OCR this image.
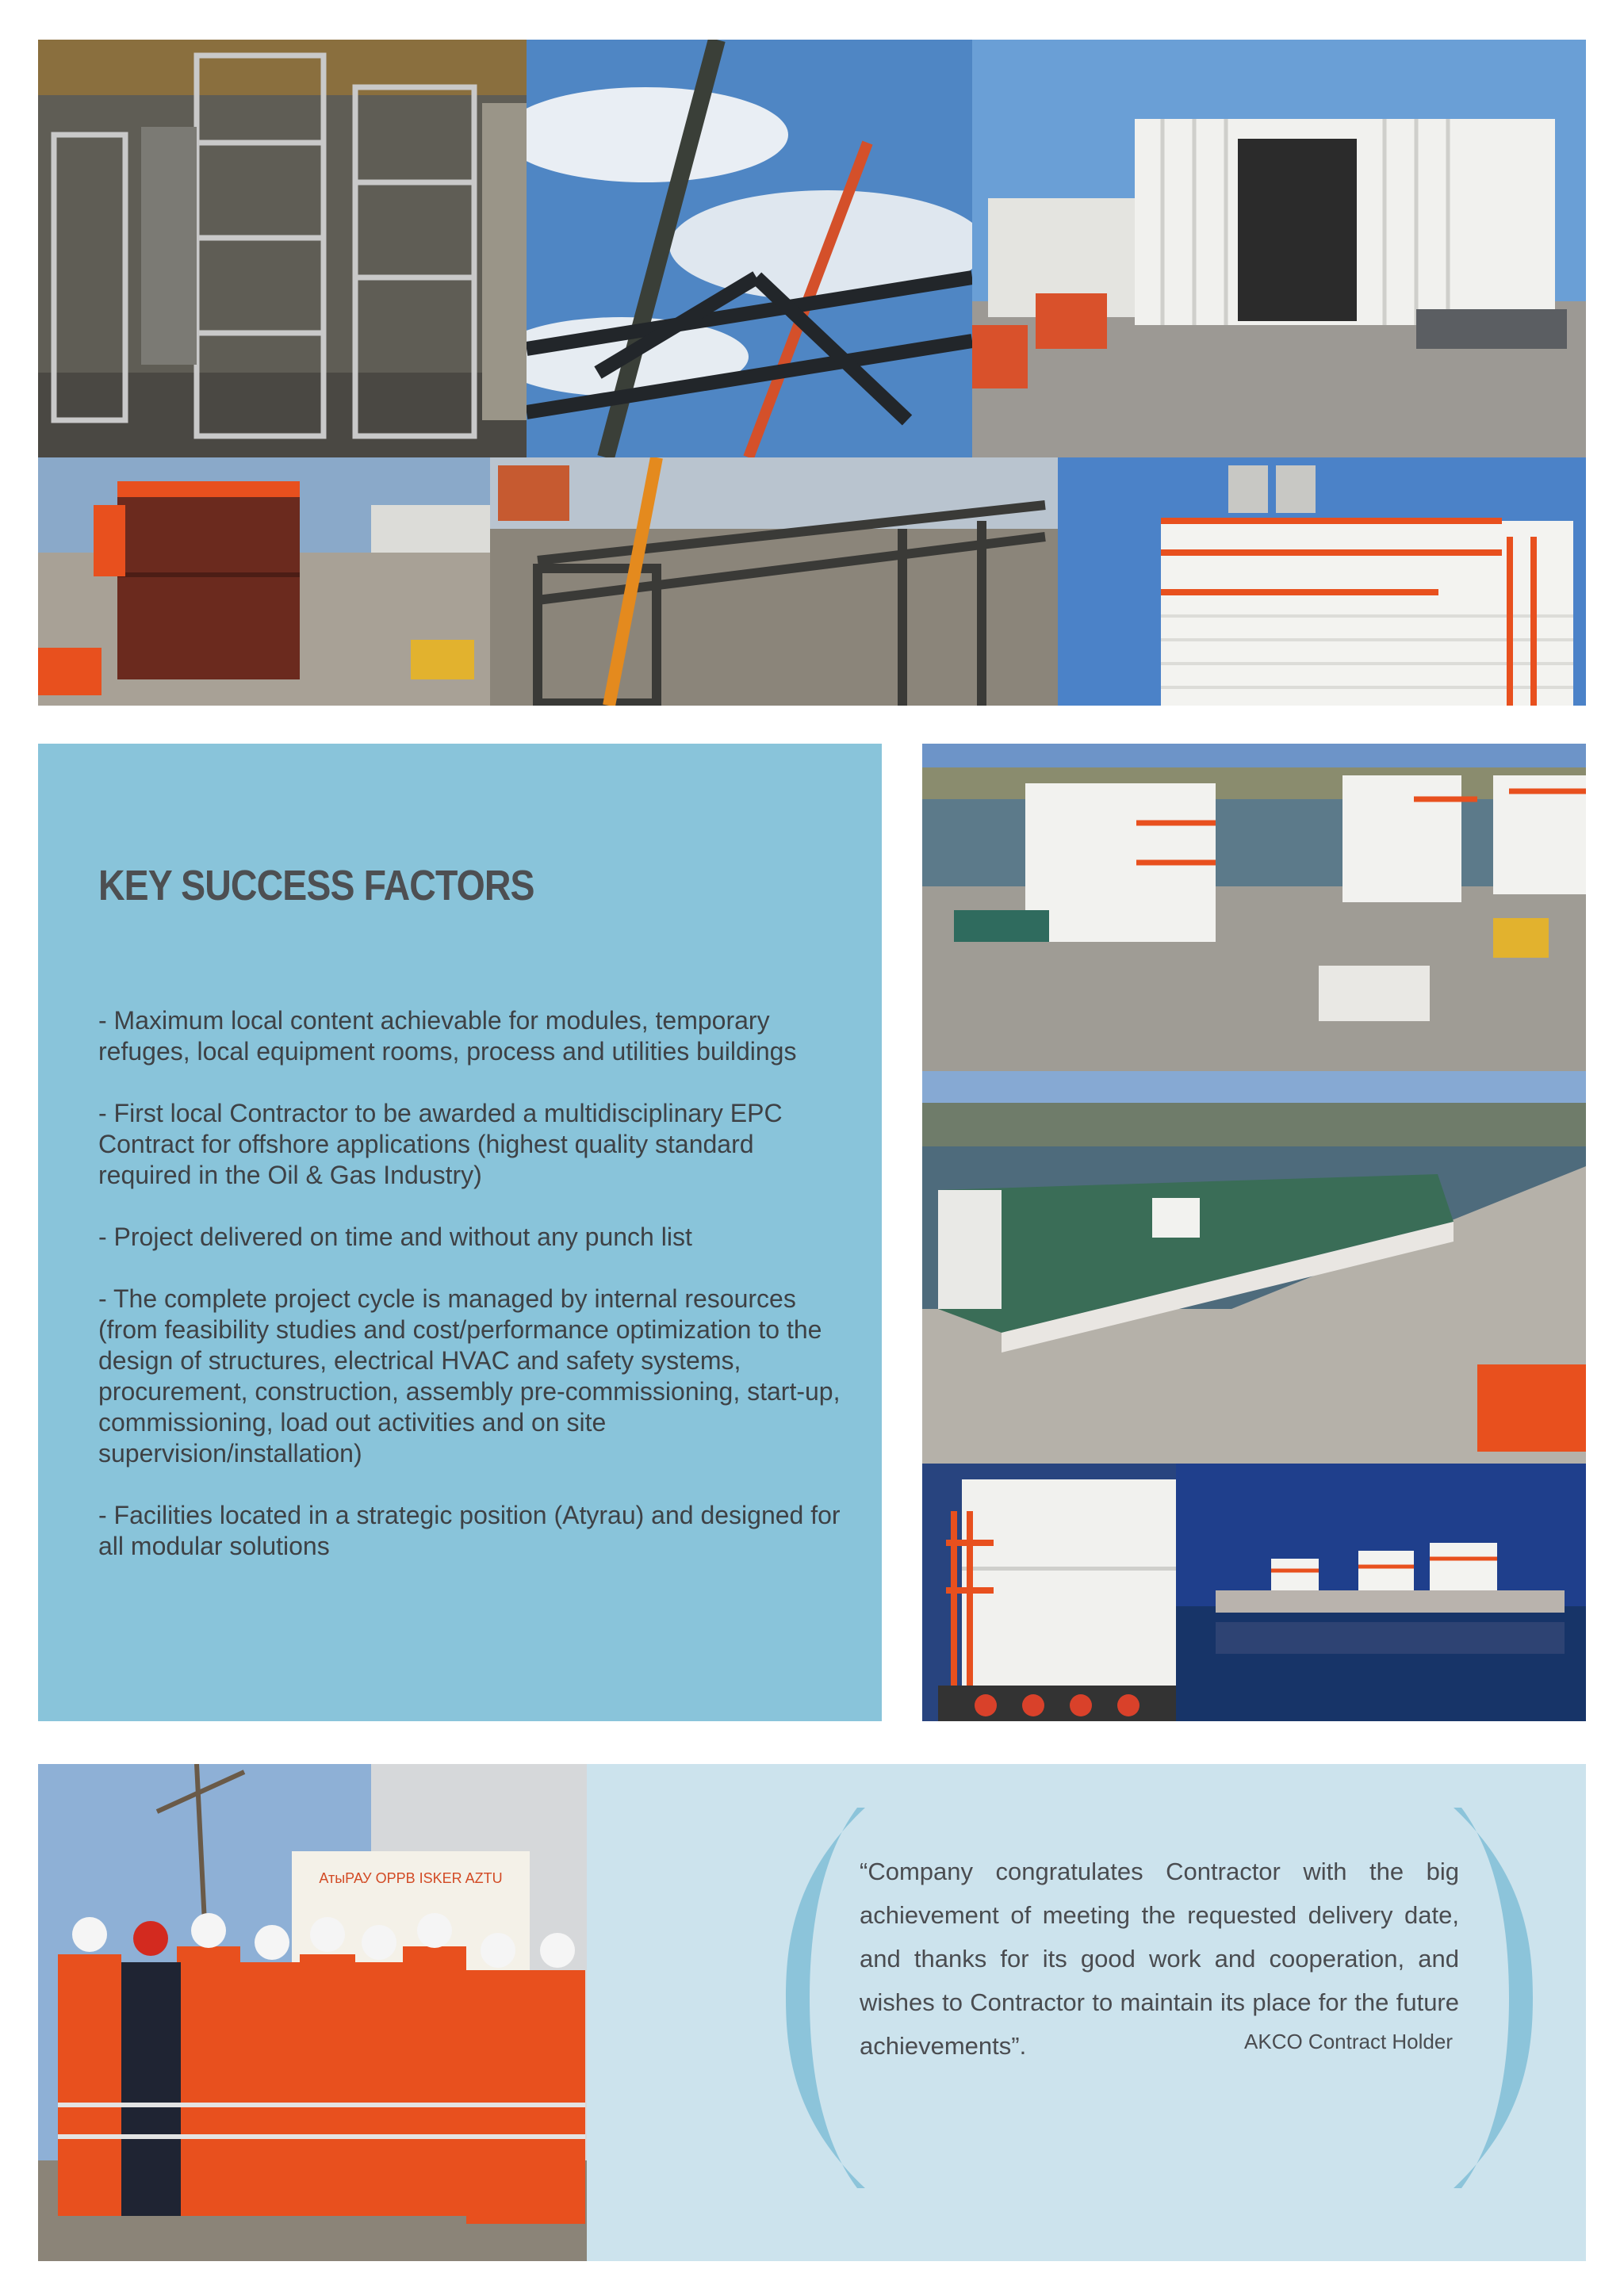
KEY SUCCESS FACTORS
- Maximum local content achievable for modules, temporary refuges, local equipment rooms, process and utilities buildings
- First local Contractor to be awarded a multidisciplinary EPC Contract for offshore applications (highest quality standard required in the Oil & Gas Industry)
- Project delivered on time and without any punch list
- The complete project cycle is managed by internal resources (from feasibility studies and cost/performance optimization to the design of structures, electrical HVAC and safety systems, procurement, construction, assembly pre-commissioning, start-up, commissioning, load out activities and on site supervision/installation)
- Facilities located in a strategic position (Atyrau) and designed for all modular solutions
АтыРАУ OPPB ISKER AZTU	“Company congratulates Contractor with the big achievement of meeting the requested delivery date, and thanks for its good work and cooperation, and wishes to Contractor to maintain its place for the future achievements”.	AKCO Contract Holder
